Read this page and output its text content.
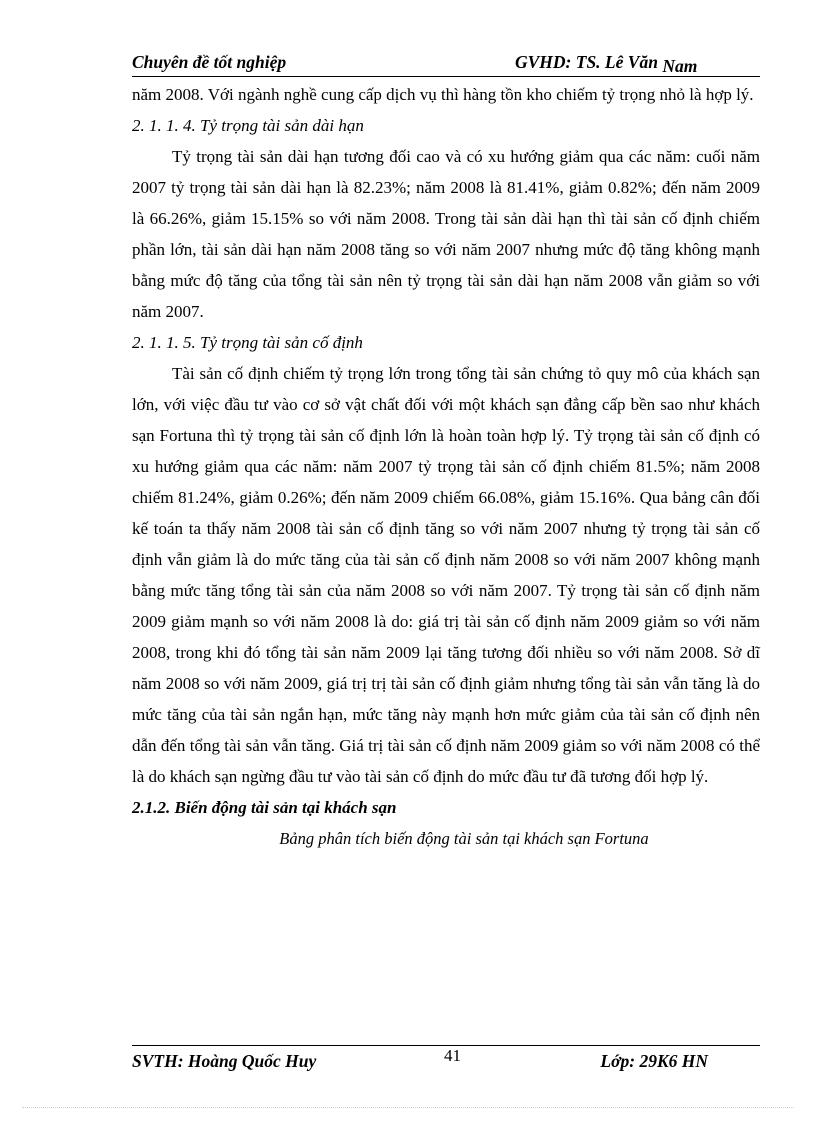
Chuyên đề tốt nghiệp	GVHD: TS. Lê Văn Nam

năm 2008. Với ngành nghề cung cấp dịch vụ thì hàng tồn kho chiếm tỷ trọng nhỏ là hợp lý.

2. 1. 1. 4. Tỷ trọng tài sản dài hạn

Tỷ trọng tài sản dài hạn tương đối cao và có xu hướng giảm qua các năm: cuối năm 2007 tỷ trọng tài sản dài hạn là 82.23%; năm 2008 là 81.41%, giảm 0.82%; đến năm 2009 là 66.26%, giảm 15.15% so với năm 2008. Trong tài sản dài hạn thì tài sản cố định chiếm phần lớn, tài sản dài hạn năm 2008 tăng so với năm 2007 nhưng mức độ tăng không mạnh bằng mức độ tăng của tổng tài sản nên tỷ trọng tài sản dài hạn năm 2008 vẫn giảm so với năm 2007.

2. 1. 1. 5. Tỷ trọng tài sản cố định

Tài sản cố định chiếm tỷ trọng lớn trong tổng tài sản chứng tỏ quy mô của khách sạn lớn, với việc đầu tư vào cơ sở vật chất đối với một khách sạn đẳng cấp bền sao như khách sạn Fortuna thì tỷ trọng tài sản cố định lớn là hoàn toàn hợp lý. Tỷ trọng tài sản cố định có xu hướng giảm qua các năm: năm 2007 tỷ trọng tài sản cố định chiếm 81.5%; năm 2008 chiếm 81.24%, giảm 0.26%; đến năm 2009 chiếm 66.08%, giảm 15.16%. Qua bảng cân đối kế toán ta thấy năm 2008 tài sản cố định tăng so với năm 2007 nhưng tỷ trọng tài sản cố định vẫn giảm là do mức tăng của tài sản cố định năm 2008 so với năm 2007 không mạnh bằng mức tăng tổng tài sản của năm 2008 so với năm 2007. Tỷ trọng tài sản cố định năm 2009 giảm mạnh so với năm 2008 là do: giá trị tài sản cố định năm 2009 giảm so với năm 2008, trong khi đó tổng tài sản năm 2009 lại tăng tương đối nhiều so với năm 2008. Sở dĩ năm 2008 so với năm 2009, giá trị trị tài sản cố định giảm nhưng tổng tài sản vẫn tăng là do mức tăng của tài sản ngắn hạn, mức tăng này mạnh hơn mức giảm của tài sản cố định nên dẫn đến tổng tài sản vẫn tăng. Giá trị tài sản cố định năm 2009 giảm so với năm 2008 có thể là do khách sạn ngừng đầu tư vào tài sản cố định do mức đầu tư đã tương đối hợp lý.

2.1.2. Biến động tài sản tại khách sạn

Bảng phân tích biến động tài sản tại khách sạn Fortuna

SVTH: Hoàng Quốc Huy	41	Lớp: 29K6 HN
